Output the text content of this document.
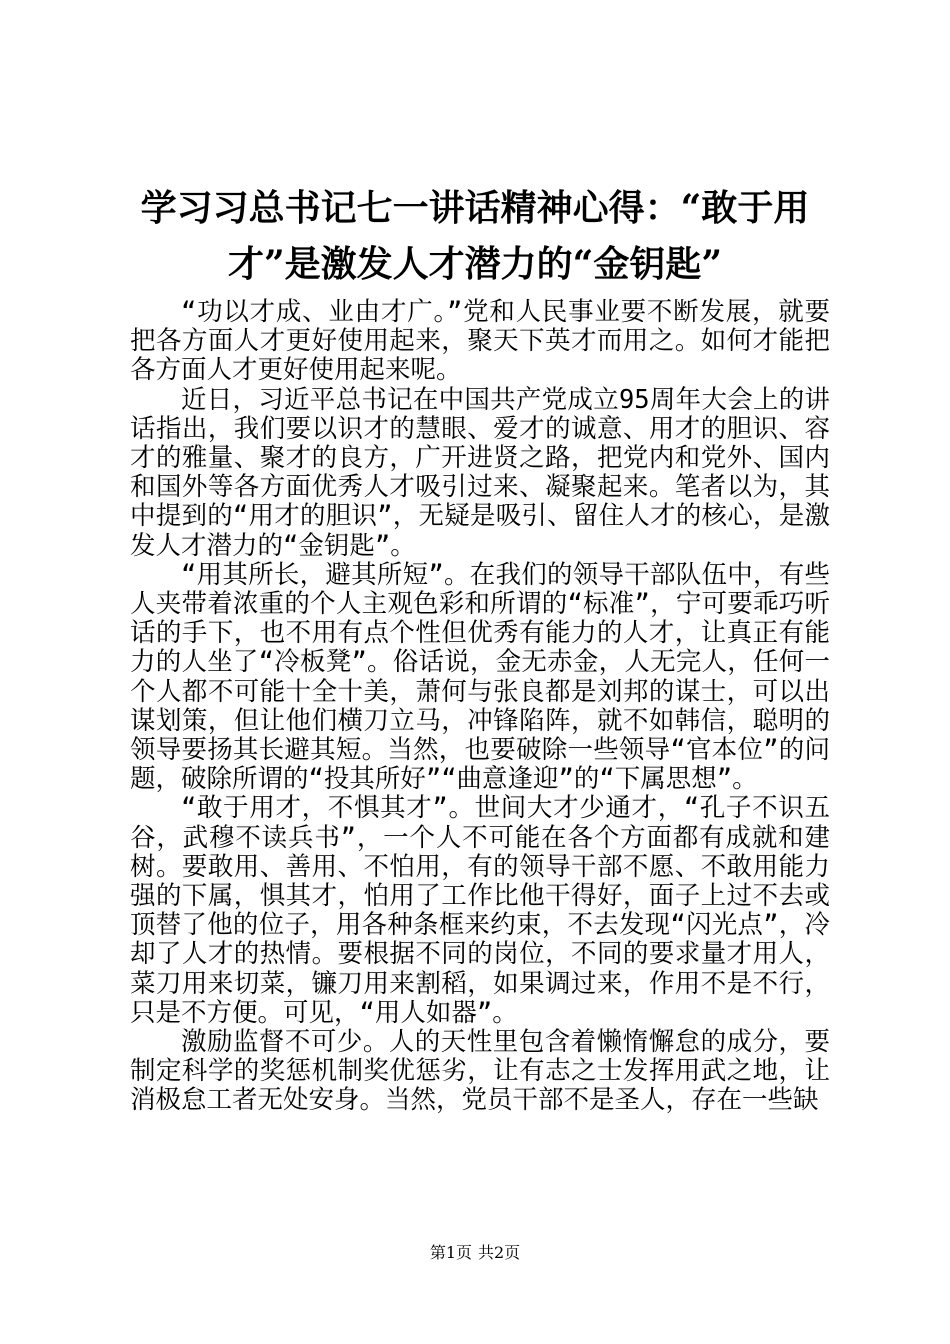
学习习总书记七一讲话精神心得：“敢于用才”是激发人才潜力的“金钥匙”

“功以才成、业由才广。”党和人民事业要不断发展，就要把各方面人才更好使用起来，聚天下英才而用之。如何才能把各方面人才更好使用起来呢。

近日，习近平总书记在中国共产党成立95周年大会上的讲话指出，我们要以识才的慧眼、爱才的诚意、用才的胆识、容才的雅量、聚才的良方，广开进贤之路，把党内和党外、国内和国外等各方面优秀人才吸引过来、凝聚起来。笔者以为，其中提到的“用才的胆识”，无疑是吸引、留住人才的核心，是激发人才潜力的“金钥匙”。

“用其所长，避其所短”。在我们的领导干部队伍中，有些人夹带着浓重的个人主观色彩和所谓的“标准”，宁可要乖巧听话的手下，也不用有点个性但优秀有能力的人才，让真正有能力的人坐了“冷板凳”。俗话说，金无赤金，人无完人，任何一个人都不可能十全十美，萧何与张良都是刘邦的谋士，可以出谋划策，但让他们横刀立马，冲锋陷阵，就不如韩信，聪明的领导要扬其长避其短。当然，也要破除一些领导“官本位”的问题，破除所谓的“投其所好”“曲意逢迎”的“下属思想”。

“敢于用才，不惧其才”。世间大才少通才，“孔子不识五谷，武穆不读兵书”，一个人不可能在各个方面都有成就和建树。要敢用、善用、不怕用，有的领导干部不愿、不敢用能力强的下属，惧其才，怕用了工作比他干得好，面子上过不去或顶替了他的位子，用各种条框来约束，不去发现“闪光点”，冷却了人才的热情。要根据不同的岗位，不同的要求量才用人，菜刀用来切菜，镰刀用来割稻，如果调过来，作用不是不行，只是不方便。可见，“用人如器”。

激励监督不可少。人的天性里包含着懒惰懈怠的成分，要制定科学的奖惩机制奖优惩劣，让有志之士发挥用武之地，让消极怠工者无处安身。当然，党员干部不是圣人，存在一些缺

第1页 共2页
